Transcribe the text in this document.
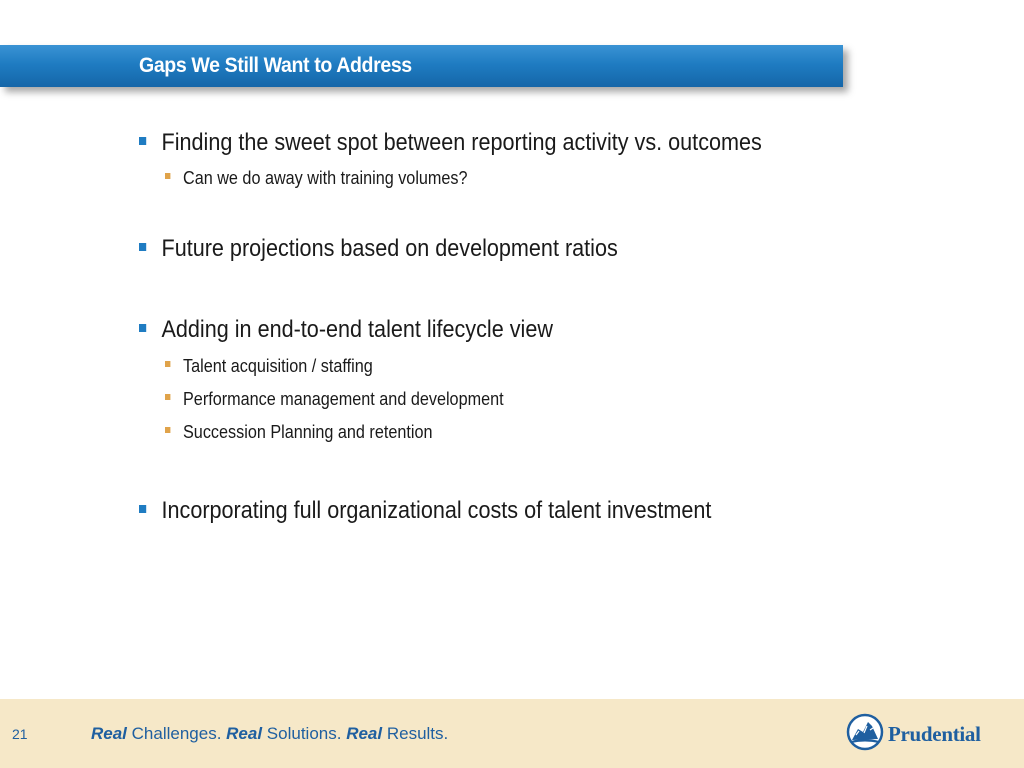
Gaps We Still Want to Address
Finding the sweet spot between reporting activity vs. outcomes
Can we do away with training volumes?
Future projections based on development ratios
Adding in end-to-end talent lifecycle view
Talent acquisition / staffing
Performance management and development
Succession Planning and retention
Incorporating full organizational costs of talent investment
21	Real Challenges. Real Solutions. Real Results.	Prudential
